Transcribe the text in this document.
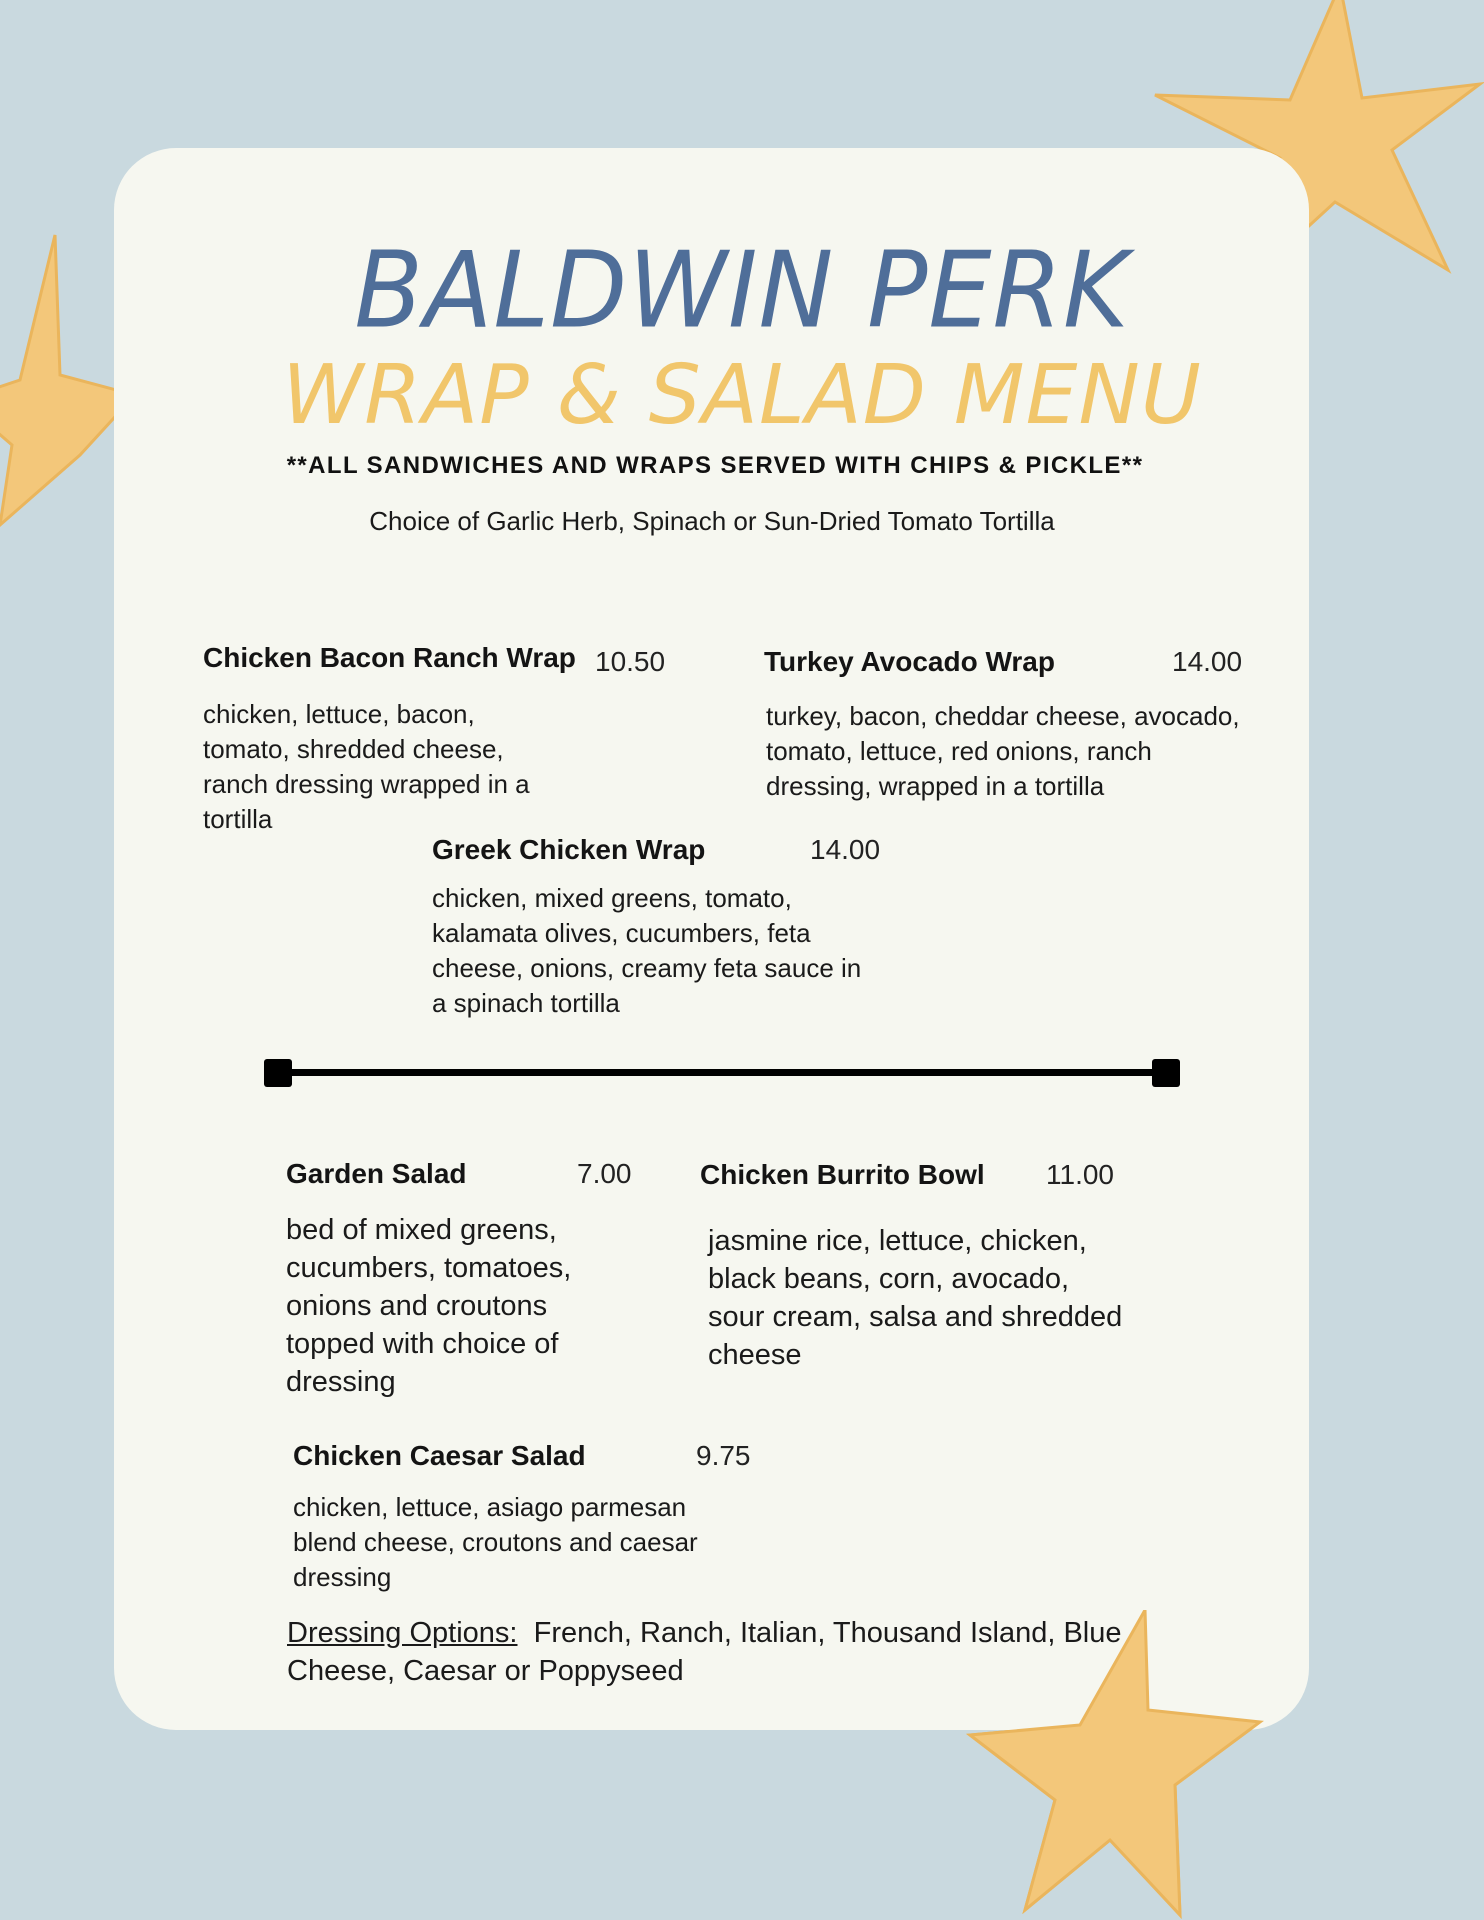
BALDWIN PERK
WRAP & SALAD MENU
**ALL SANDWICHES AND WRAPS SERVED WITH CHIPS & PICKLE**
Choice of Garlic Herb, Spinach or Sun-Dried Tomato Tortilla
Chicken Bacon Ranch Wrap 10.50
chicken, lettuce, bacon, tomato, shredded cheese, ranch dressing wrapped in a tortilla
Turkey Avocado Wrap	14.00
turkey, bacon, cheddar cheese, avocado, tomato, lettuce, red onions, ranch dressing, wrapped in a tortilla
Greek Chicken Wrap	14.00
chicken, mixed greens, tomato, kalamata olives, cucumbers, feta cheese, onions, creamy feta sauce in a spinach tortilla
Garden Salad	7.00
bed of mixed greens, cucumbers, tomatoes, onions and croutons topped with choice of dressing
Chicken Burrito Bowl 11.00
jasmine rice, lettuce, chicken, black beans, corn, avocado, sour cream, salsa and shredded cheese
Chicken Caesar Salad	9.75
chicken, lettuce, asiago parmesan blend cheese, croutons and caesar dressing
Dressing Options: French, Ranch, Italian, Thousand Island, Blue Cheese, Caesar or Poppyseed
